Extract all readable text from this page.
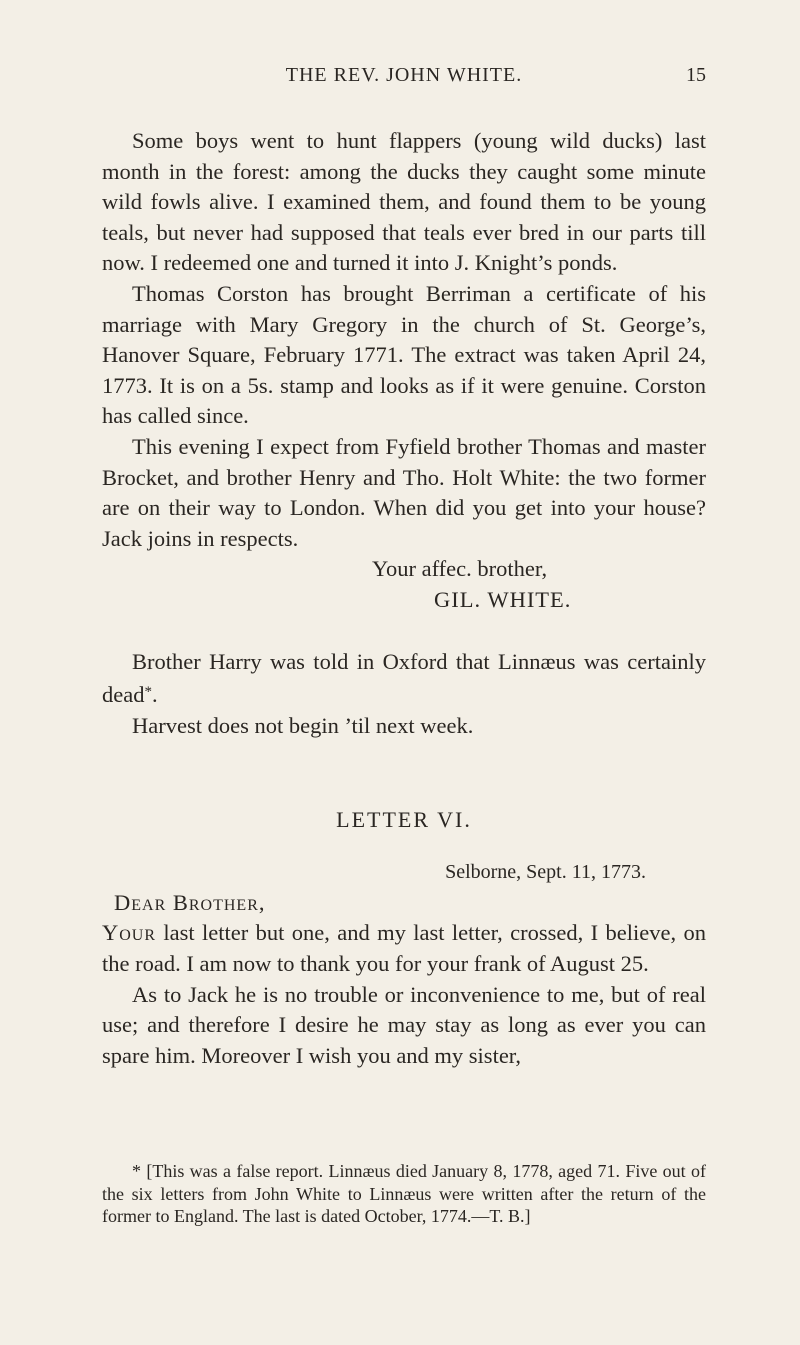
THE REV. JOHN WHITE.	15

Some boys went to hunt flappers (young wild ducks) last month in the forest: among the ducks they caught some minute wild fowls alive. I examined them, and found them to be young teals, but never had supposed that teals ever bred in our parts till now. I redeemed one and turned it into J. Knight’s ponds.

Thomas Corston has brought Berriman a certificate of his marriage with Mary Gregory in the church of St. George’s, Hanover Square, February 1771. The extract was taken April 24, 1773. It is on a 5s. stamp and looks as if it were genuine. Corston has called since.

This evening I expect from Fyfield brother Thomas and master Brocket, and brother Henry and Tho. Holt White: the two former are on their way to London. When did you get into your house? Jack joins in respects.

Your affec. brother,

GIL. WHITE.

Brother Harry was told in Oxford that Linnæus was certainly dead*.

Harvest does not begin ’til next week.

LETTER VI.

Selborne, Sept. 11, 1773.

Dear Brother,

Your last letter but one, and my last letter, crossed, I believe, on the road. I am now to thank you for your frank of August 25.

As to Jack he is no trouble or inconvenience to me, but of real use; and therefore I desire he may stay as long as ever you can spare him. Moreover I wish you and my sister,

* [This was a false report. Linnæus died January 8, 1778, aged 71. Five out of the six letters from John White to Linnæus were written after the return of the former to England. The last is dated October, 1774.—T. B.]
